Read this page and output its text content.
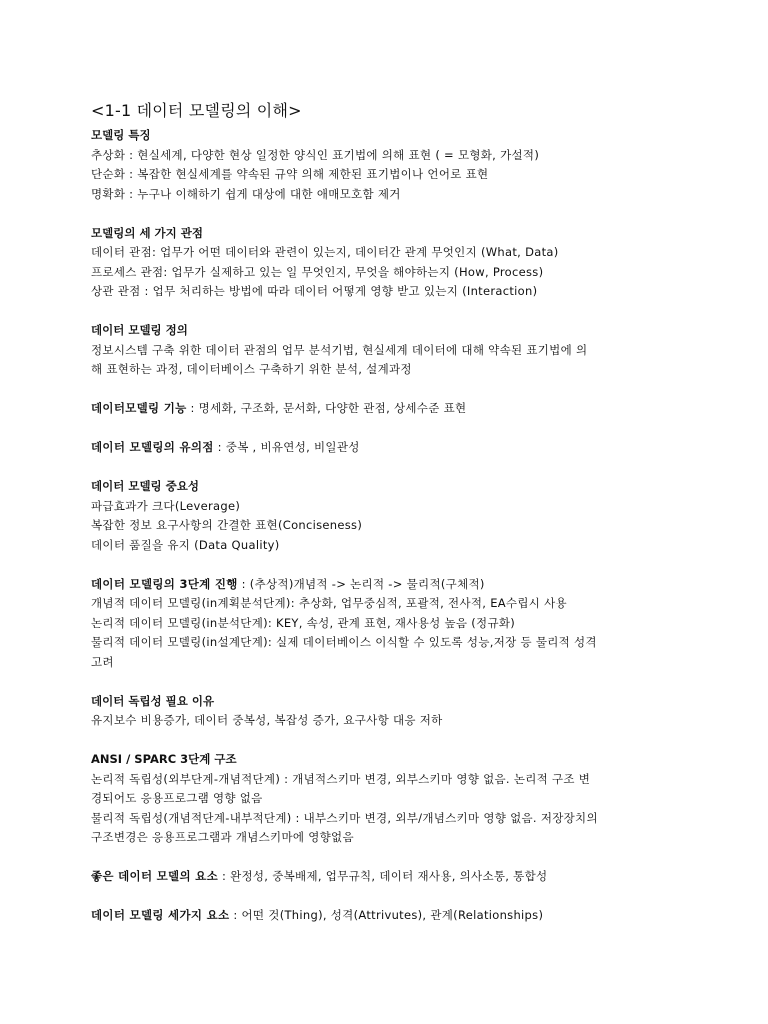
<1-1 데이터 모델링의 이해>
모델링 특징
추상화 : 현실세계, 다양한 현상 일정한 양식인 표기법에 의해 표현 ( = 모형화, 가설적)
단순화 : 복잡한 현실세계를 약속된 규약 의해 제한된 표기법이나 언어로 표현
명확화 : 누구나 이해하기 쉽게 대상에 대한 애매모호함 제거
모델링의 세 가지 관점
데이터 관점: 업무가 어떤 데이터와 관련이 있는지, 데이터간 관계 무엇인지 (What, Data)
프로세스 관점: 업무가 실제하고 있는 일 무엇인지, 무엇을 해야하는지 (How, Process)
상관 관점 : 업무 처리하는 방법에 따라 데이터 어떻게 영향 받고 있는지 (Interaction)
데이터 모델링 정의
정보시스템 구축 위한 데이터 관점의 업무 분석기법, 현실세계 데이터에 대해 약속된 표기법에 의
해 표현하는 과정, 데이터베이스 구축하기 위한 분석, 설계과정
데이터모델링 기능 : 명세화, 구조화, 문서화, 다양한 관점, 상세수준 표현
데이터 모델링의 유의점 : 중복 , 비유연성, 비일관성
데이터 모델링 중요성
파급효과가 크다(Leverage)
복잡한 정보 요구사항의 간결한 표현(Conciseness)
데이터 품질을 유지 (Data Quality)
데이터 모델링의 3단계 진행 : (추상적)개념적 -> 논리적 -> 물리적(구체적)
개념적 데이터 모델링(in계획분석단계): 추상화, 업무중심적, 포괄적, 전사적, EA수립시 사용
논리적 데이터 모델링(in분석단계): KEY, 속성, 관계 표현, 재사용성 높음 (정규화)
물리적 데이터 모델링(in설계단계): 실제 데이터베이스 이식할 수 있도록 성능,저장 등 물리적 성격
고려
데이터 독립성 필요 이유
유지보수 비용증가, 데이터 중복성, 복잡성 증가, 요구사항 대응 저하
ANSI / SPARC 3단계 구조
논리적 독립성(외부단계-개념적단계) : 개념적스키마 변경, 외부스키마 영향 없음. 논리적 구조 변
경되어도 응용프로그램 영향 없음
물리적 독립성(개념적단계-내부적단계) : 내부스키마 변경, 외부/개념스키마 영향 없음. 저장장치의
구조변경은 응용프로그램과 개념스키마에 영향없음
좋은 데이터 모델의 요소 : 완정성, 중복배제, 업무규칙, 데이터 재사용, 의사소통, 통합성
데이터 모델링 세가지 요소 : 어떤 것(Thing), 성격(Attrivutes), 관계(Relationships)
